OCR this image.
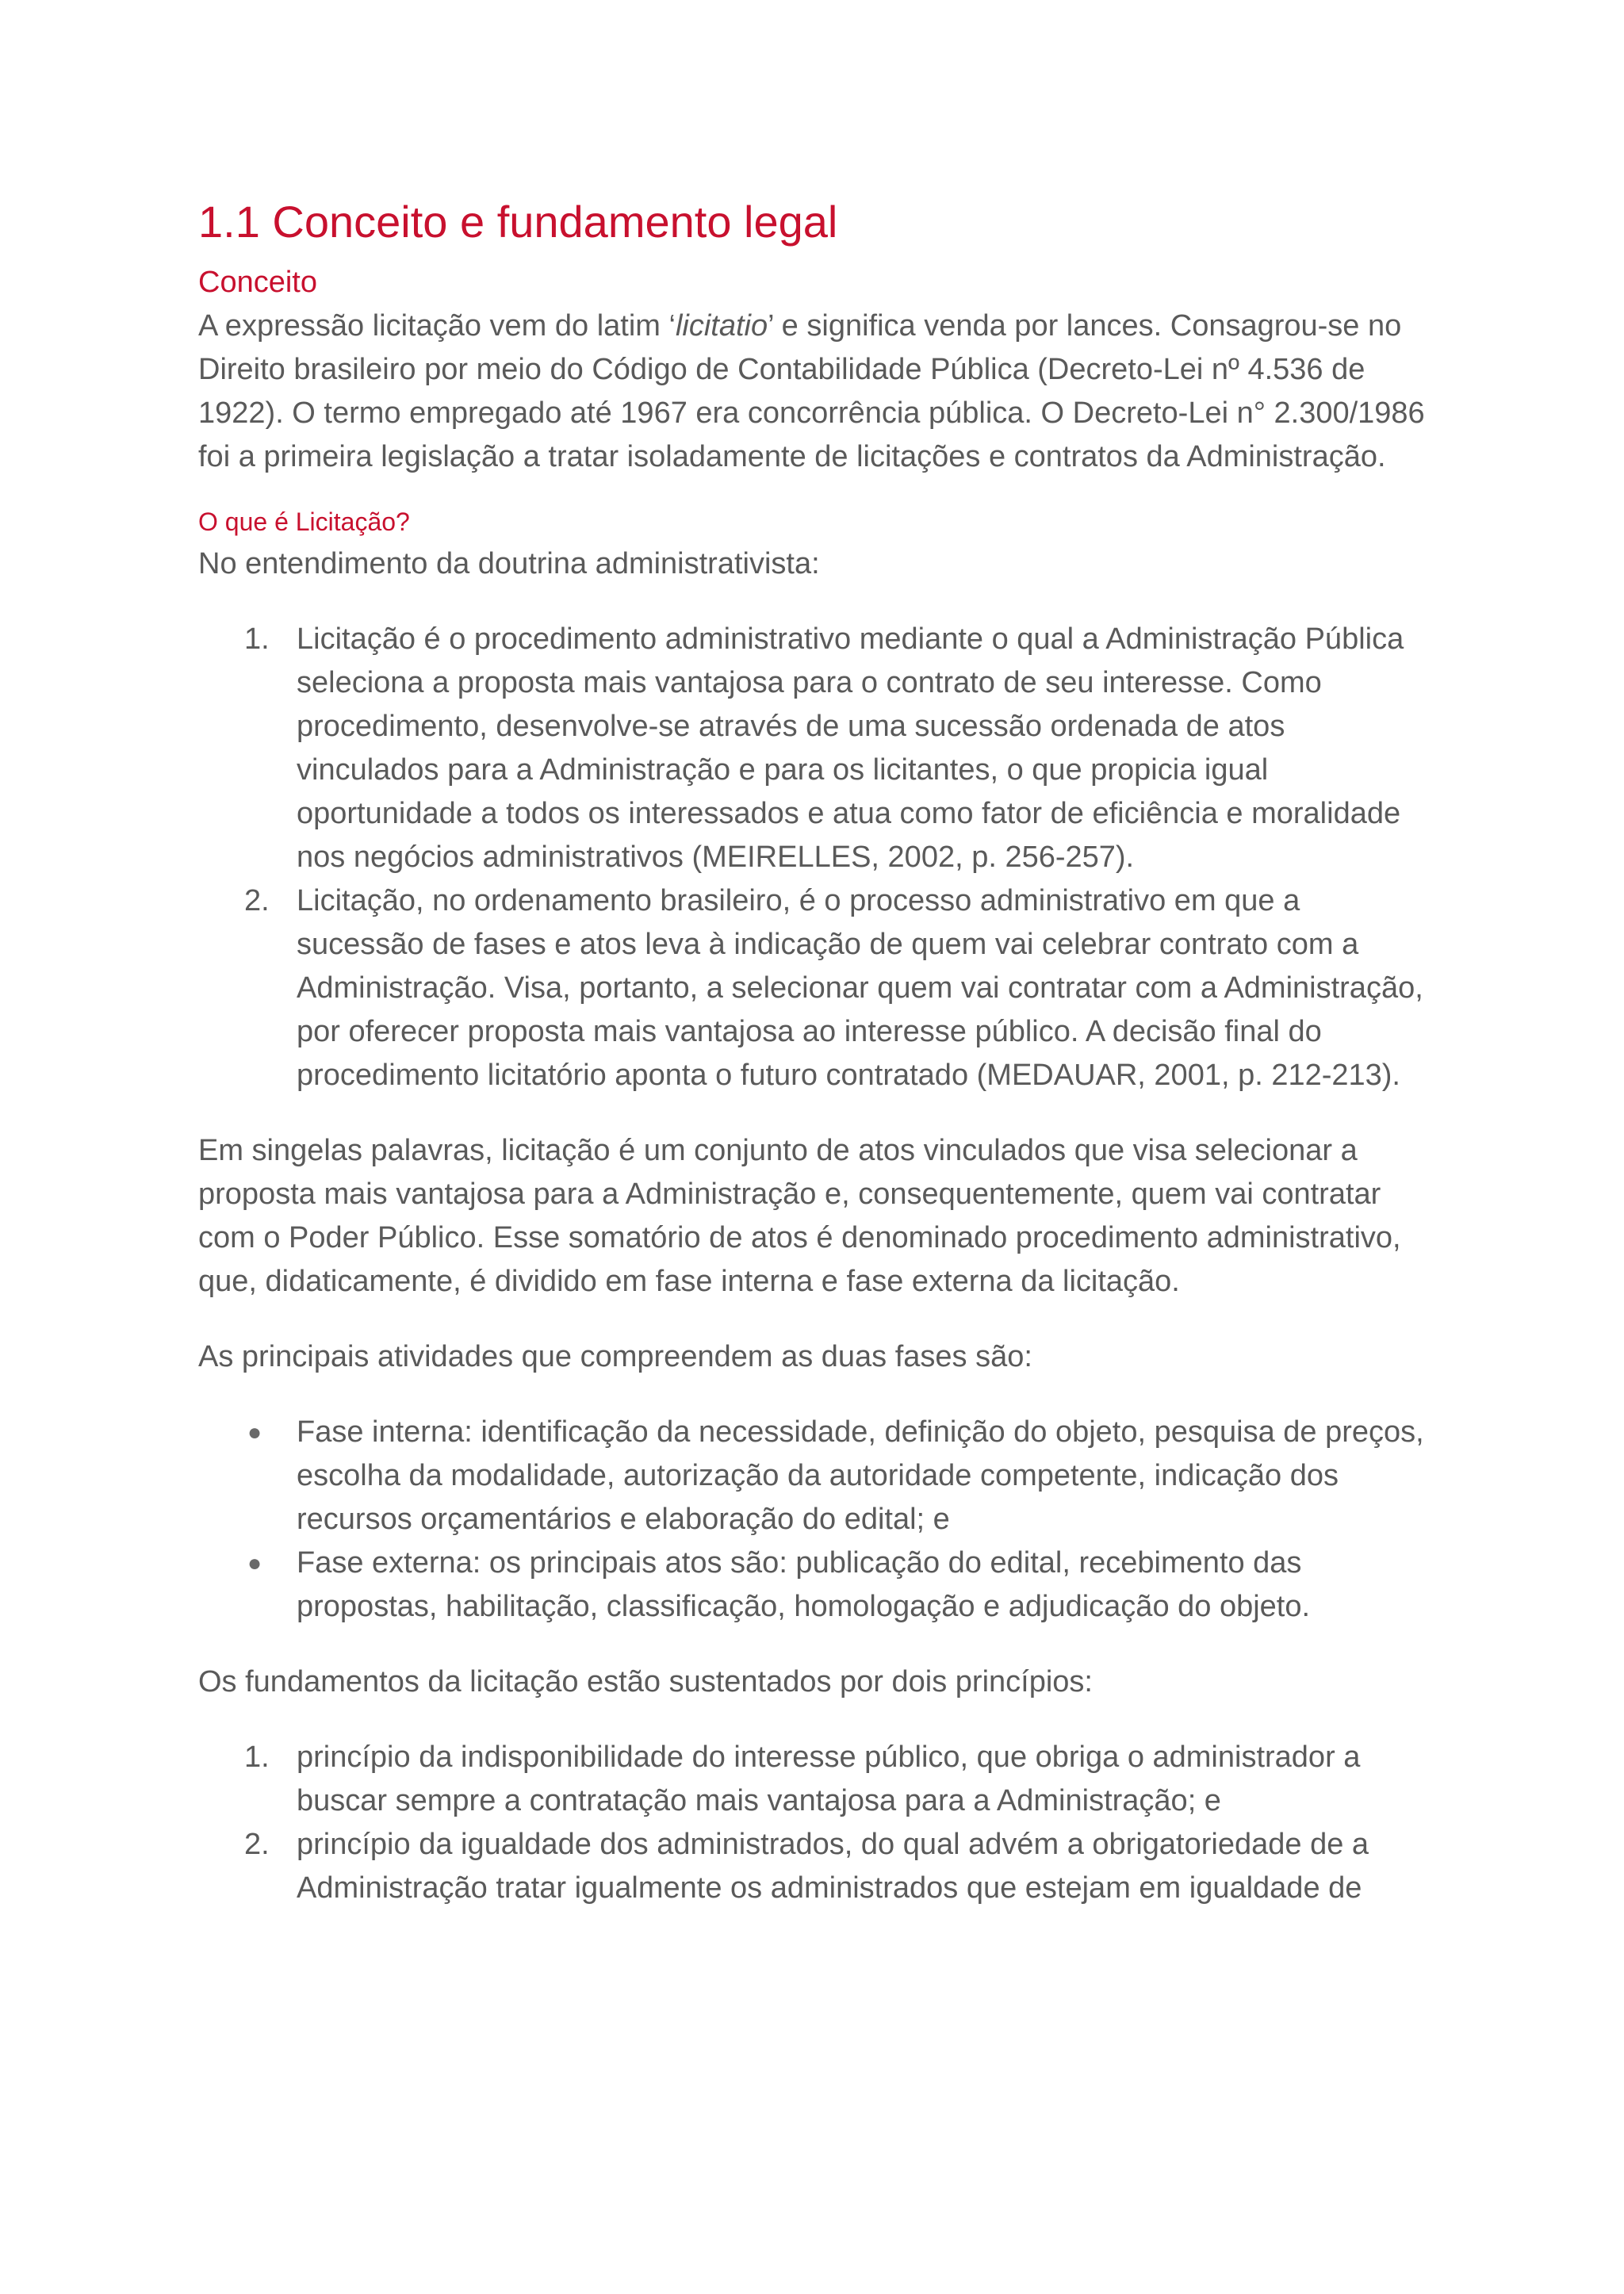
1.1 Conceito e fundamento legal
Conceito

A expressão licitação vem do latim ‘licitatio’ e significa venda por lances. Consagrou-se no Direito brasileiro por meio do Código de Contabilidade Pública (Decreto-Lei nº 4.536 de 1922). O termo empregado até 1967 era concorrência pública. O Decreto-Lei n° 2.300/1986 foi a primeira legislação a tratar isoladamente de licitações e contratos da Administração.

O que é Licitação?

No entendimento da doutrina administrativista:

1. Licitação é o procedimento administrativo mediante o qual a Administração Pública seleciona a proposta mais vantajosa para o contrato de seu interesse. Como procedimento, desenvolve-se através de uma sucessão ordenada de atos vinculados para a Administração e para os licitantes, o que propicia igual oportunidade a todos os interessados e atua como fator de eficiência e moralidade nos negócios administrativos (MEIRELLES, 2002, p. 256-257).
2. Licitação, no ordenamento brasileiro, é o processo administrativo em que a sucessão de fases e atos leva à indicação de quem vai celebrar contrato com a Administração. Visa, portanto, a selecionar quem vai contratar com a Administração, por oferecer proposta mais vantajosa ao interesse público. A decisão final do procedimento licitatório aponta o futuro contratado (MEDAUAR, 2001, p. 212-213).

Em singelas palavras, licitação é um conjunto de atos vinculados que visa selecionar a proposta mais vantajosa para a Administração e, consequentemente, quem vai contratar com o Poder Público. Esse somatório de atos é denominado procedimento administrativo, que, didaticamente, é dividido em fase interna e fase externa da licitação.

As principais atividades que compreendem as duas fases são:

●	Fase interna: identificação da necessidade, definição do objeto, pesquisa de preços, escolha da modalidade, autorização da autoridade competente, indicação dos recursos orçamentários e elaboração do edital; e
●	Fase externa: os principais atos são: publicação do edital, recebimento das propostas, habilitação, classificação, homologação e adjudicação do objeto.

Os fundamentos da licitação estão sustentados por dois princípios:

1. princípio da indisponibilidade do interesse público, que obriga o administrador a buscar sempre a contratação mais vantajosa para a Administração; e
2. princípio da igualdade dos administrados, do qual advém a obrigatoriedade de a Administração tratar igualmente os administrados que estejam em igualdade de
